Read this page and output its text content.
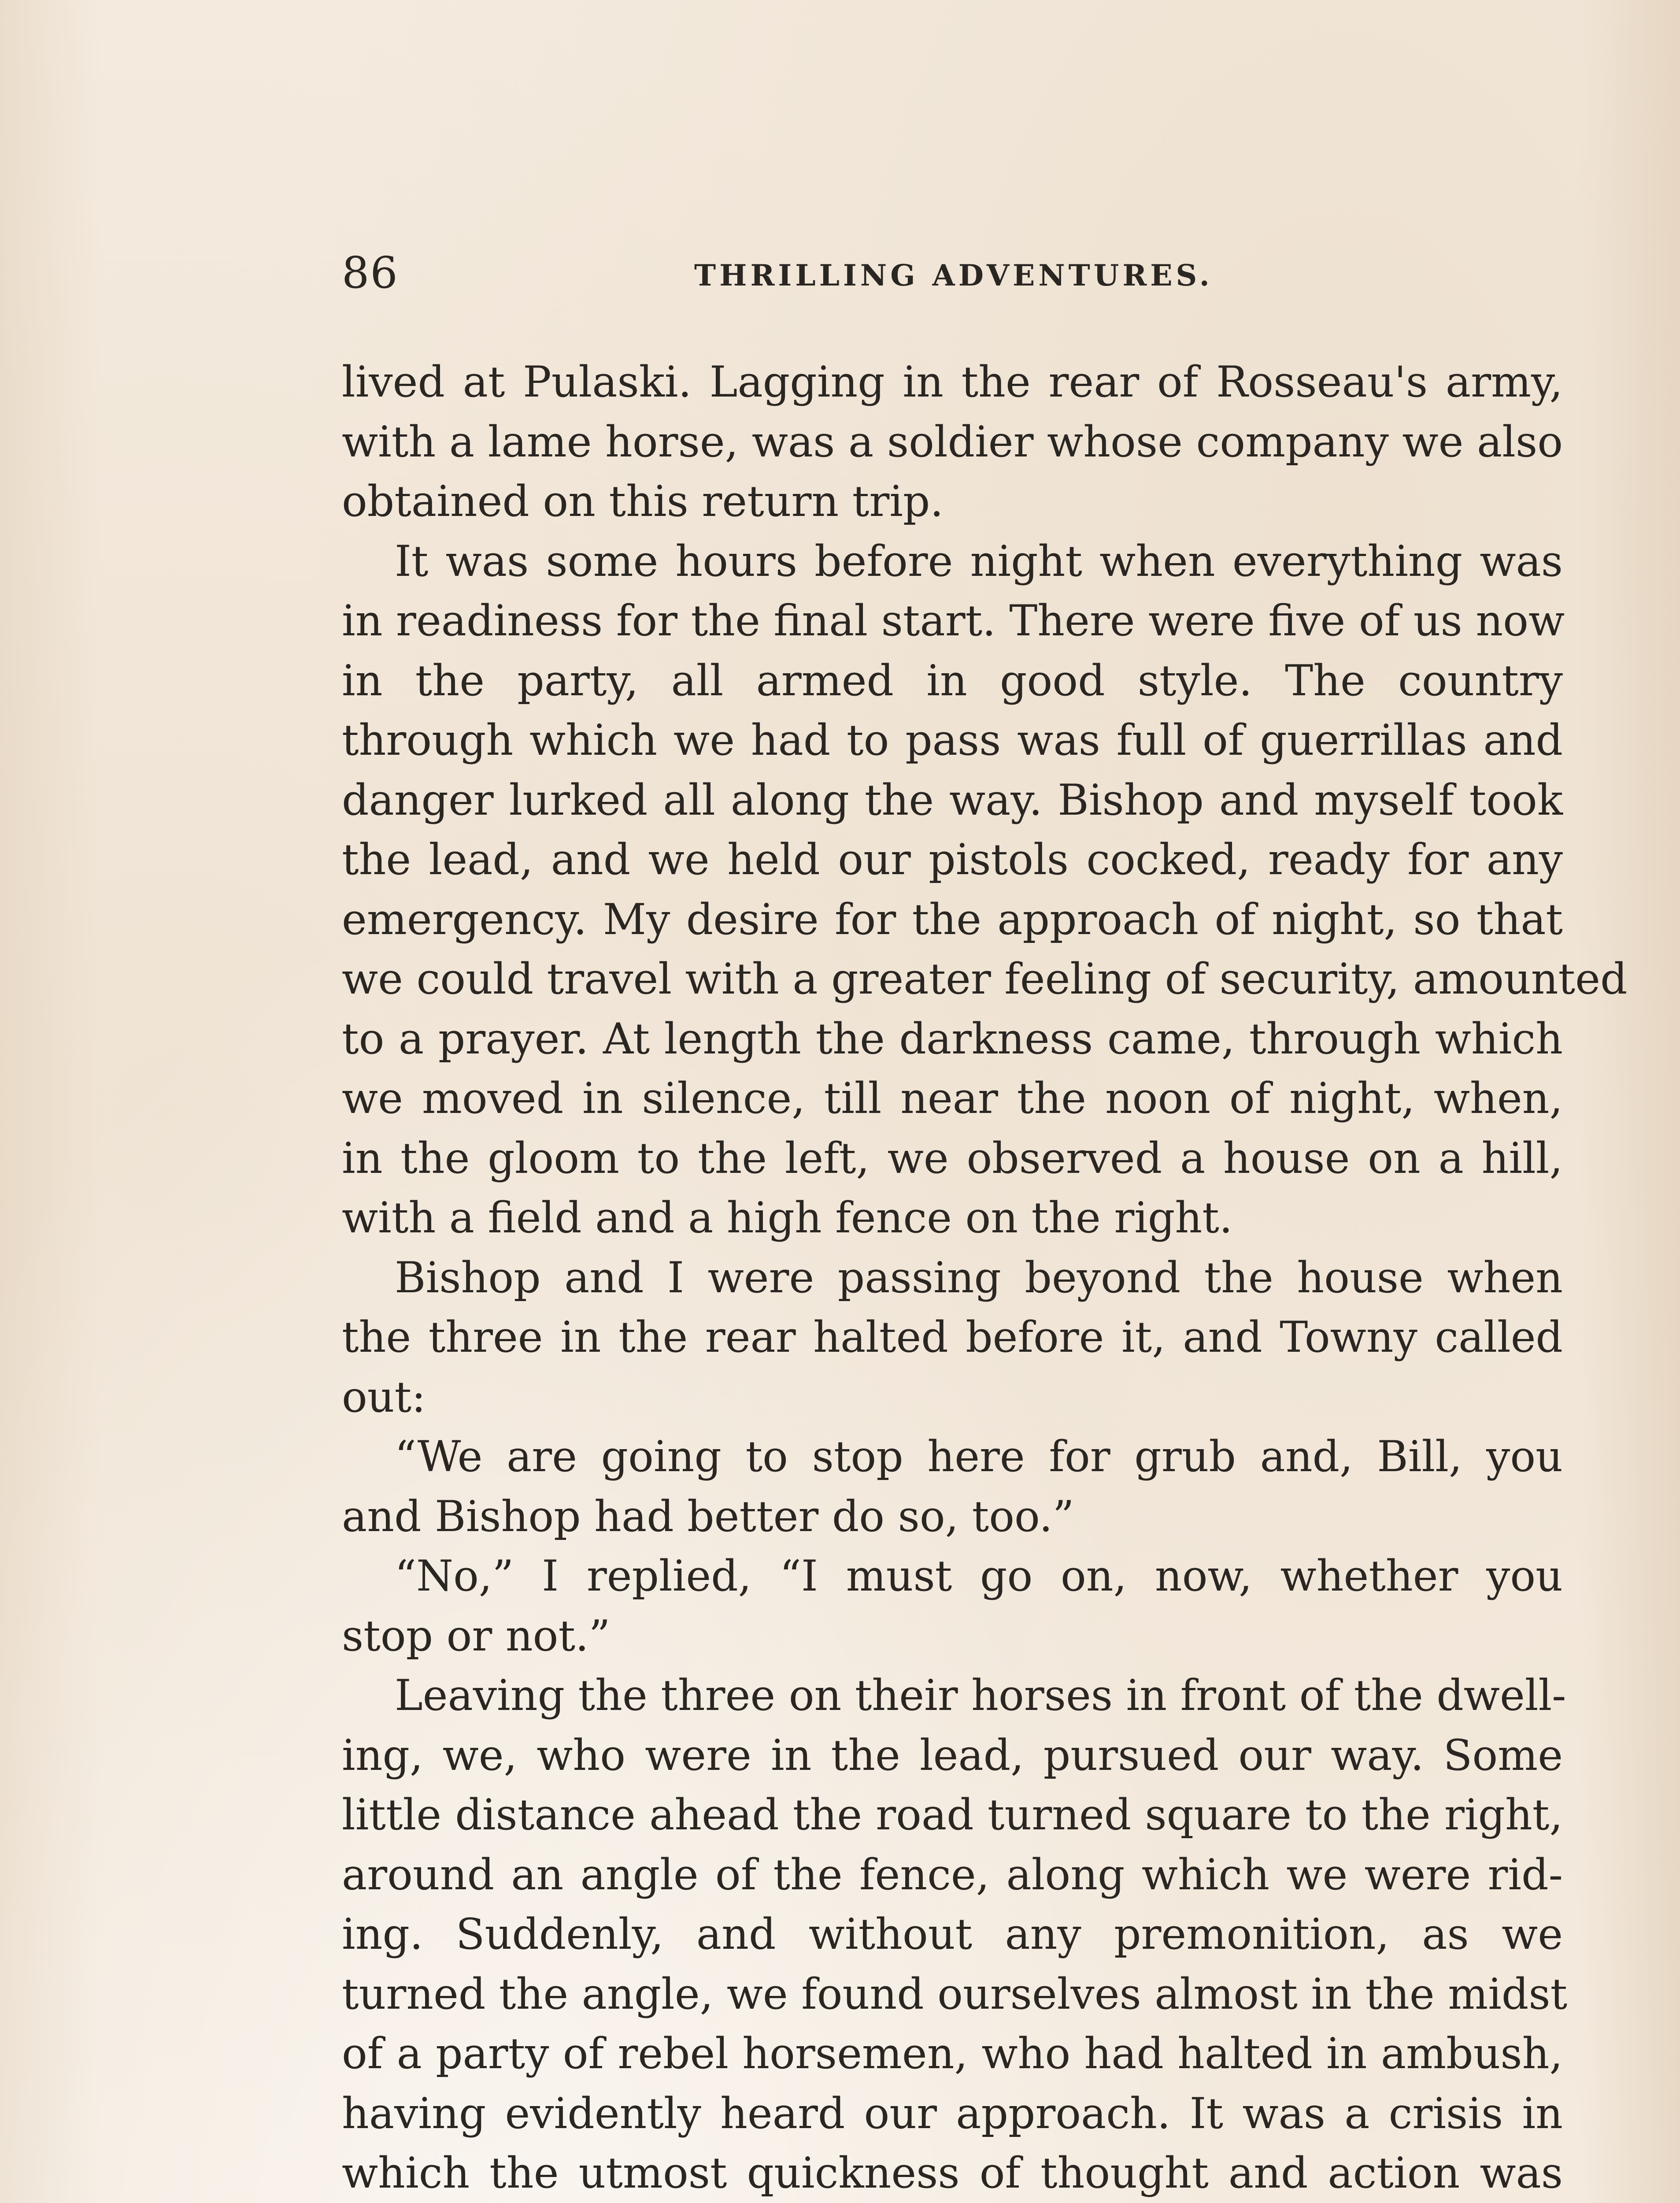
86	THRILLING ADVENTURES.
lived at Pulaski. Lagging in the rear of Rosseau's army,
with a lame horse, was a soldier whose company we also
obtained on this return trip.
It was some hours before night when everything was
in readiness for the final start. There were five of us now
in the party, all armed in good style. The country
through which we had to pass was full of guerrillas and
danger lurked all along the way. Bishop and myself took
the lead, and we held our pistols cocked, ready for any
emergency. My desire for the approach of night, so that
we could travel with a greater feeling of security, amounted
to a prayer. At length the darkness came, through which
we moved in silence, till near the noon of night, when,
in the gloom to the left, we observed a house on a hill,
with a field and a high fence on the right.
Bishop and I were passing beyond the house when
the three in the rear halted before it, and Towny called
out:
“We are going to stop here for grub and, Bill, you
and Bishop had better do so, too.”
“No,” I replied, “I must go on, now, whether you
stop or not.”
Leaving the three on their horses in front of the dwell-
ing, we, who were in the lead, pursued our way. Some
little distance ahead the road turned square to the right,
around an angle of the fence, along which we were rid-
ing. Suddenly, and without any premonition, as we
turned the angle, we found ourselves almost in the midst
of a party of rebel horsemen, who had halted in ambush,
having evidently heard our approach. It was a crisis in
which the utmost quickness of thought and action was
